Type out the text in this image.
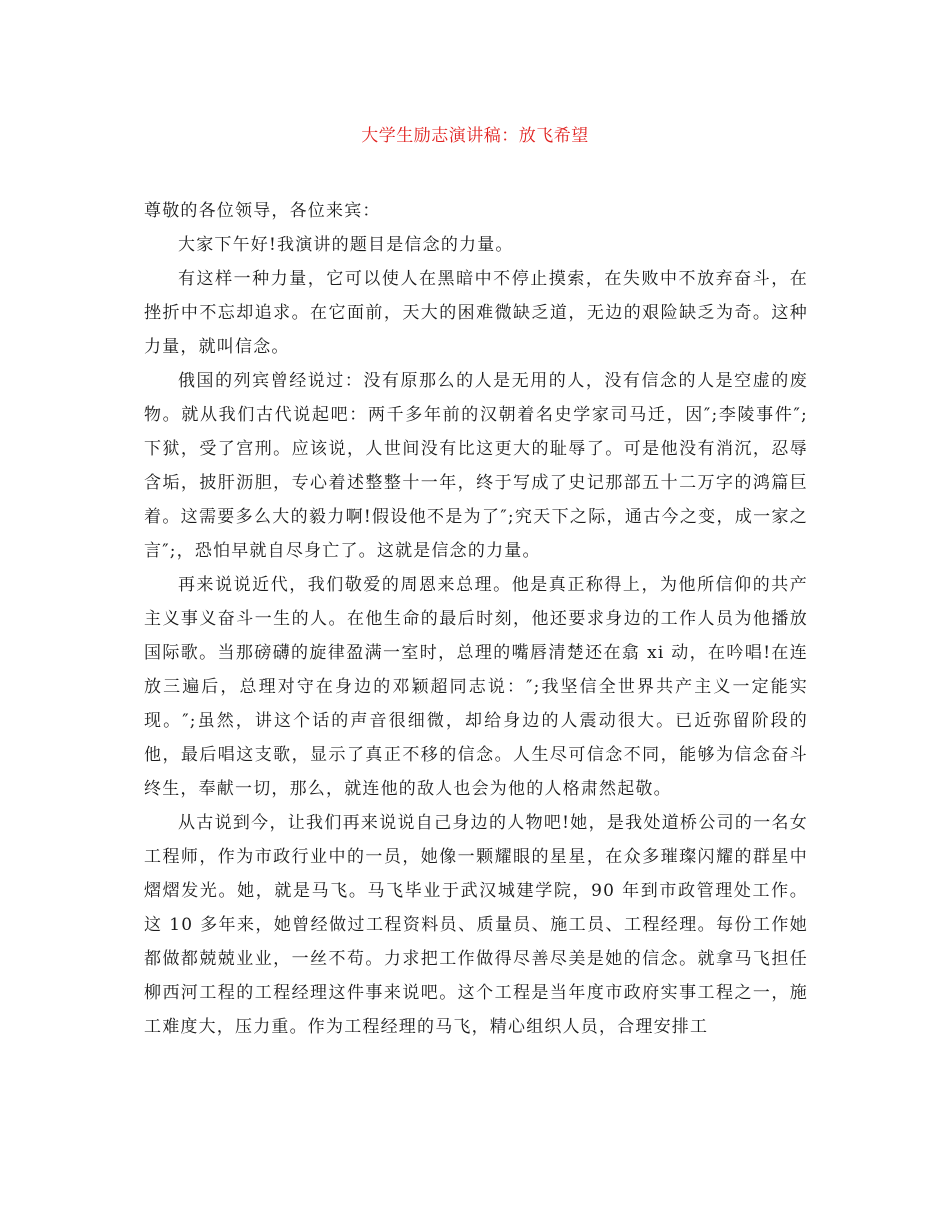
大学生励志演讲稿：放飞希望

尊敬的各位领导，各位来宾：

大家下午好!我演讲的题目是信念的力量。

有这样一种力量，它可以使人在黑暗中不停止摸索，在失败中不放弃奋斗，在挫折中不忘却追求。在它面前，天大的困难微缺乏道，无边的艰险缺乏为奇。这种力量，就叫信念。

俄国的列宾曾经说过：没有原那么的人是无用的人，没有信念的人是空虚的废物。就从我们古代说起吧：两千多年前的汉朝着名史学家司马迁，因″;李陵事件″;下狱，受了宫刑。应该说，人世间没有比这更大的耻辱了。可是他没有消沉，忍辱含垢，披肝沥胆，专心着述整整十一年，终于写成了史记那部五十二万字的鸿篇巨着。这需要多么大的毅力啊!假设他不是为了″;究天下之际，通古今之变，成一家之言″;，恐怕早就自尽身亡了。这就是信念的力量。

再来说说近代，我们敬爱的周恩来总理。他是真正称得上，为他所信仰的共产主义事义奋斗一生的人。在他生命的最后时刻，他还要求身边的工作人员为他播放国际歌。当那磅礴的旋律盈满一室时，总理的嘴唇清楚还在翕 xi 动，在吟唱!在连放三遍后，总理对守在身边的邓颖超同志说：″;我坚信全世界共产主义一定能实现。″;虽然，讲这个话的声音很细微，却给身边的人震动很大。已近弥留阶段的他，最后唱这支歌，显示了真正不移的信念。人生尽可信念不同，能够为信念奋斗终生，奉献一切，那么，就连他的敌人也会为他的人格肃然起敬。

从古说到今，让我们再来说说自己身边的人物吧!她，是我处道桥公司的一名女工程师，作为市政行业中的一员，她像一颗耀眼的星星，在众多璀璨闪耀的群星中熠熠发光。她，就是马飞。马飞毕业于武汉城建学院，90 年到市政管理处工作。这 10 多年来，她曾经做过工程资料员、质量员、施工员、工程经理。每份工作她都做都兢兢业业，一丝不苟。力求把工作做得尽善尽美是她的信念。就拿马飞担任柳西河工程的工程经理这件事来说吧。这个工程是当年度市政府实事工程之一，施工难度大，压力重。作为工程经理的马飞，精心组织人员，合理安排工
